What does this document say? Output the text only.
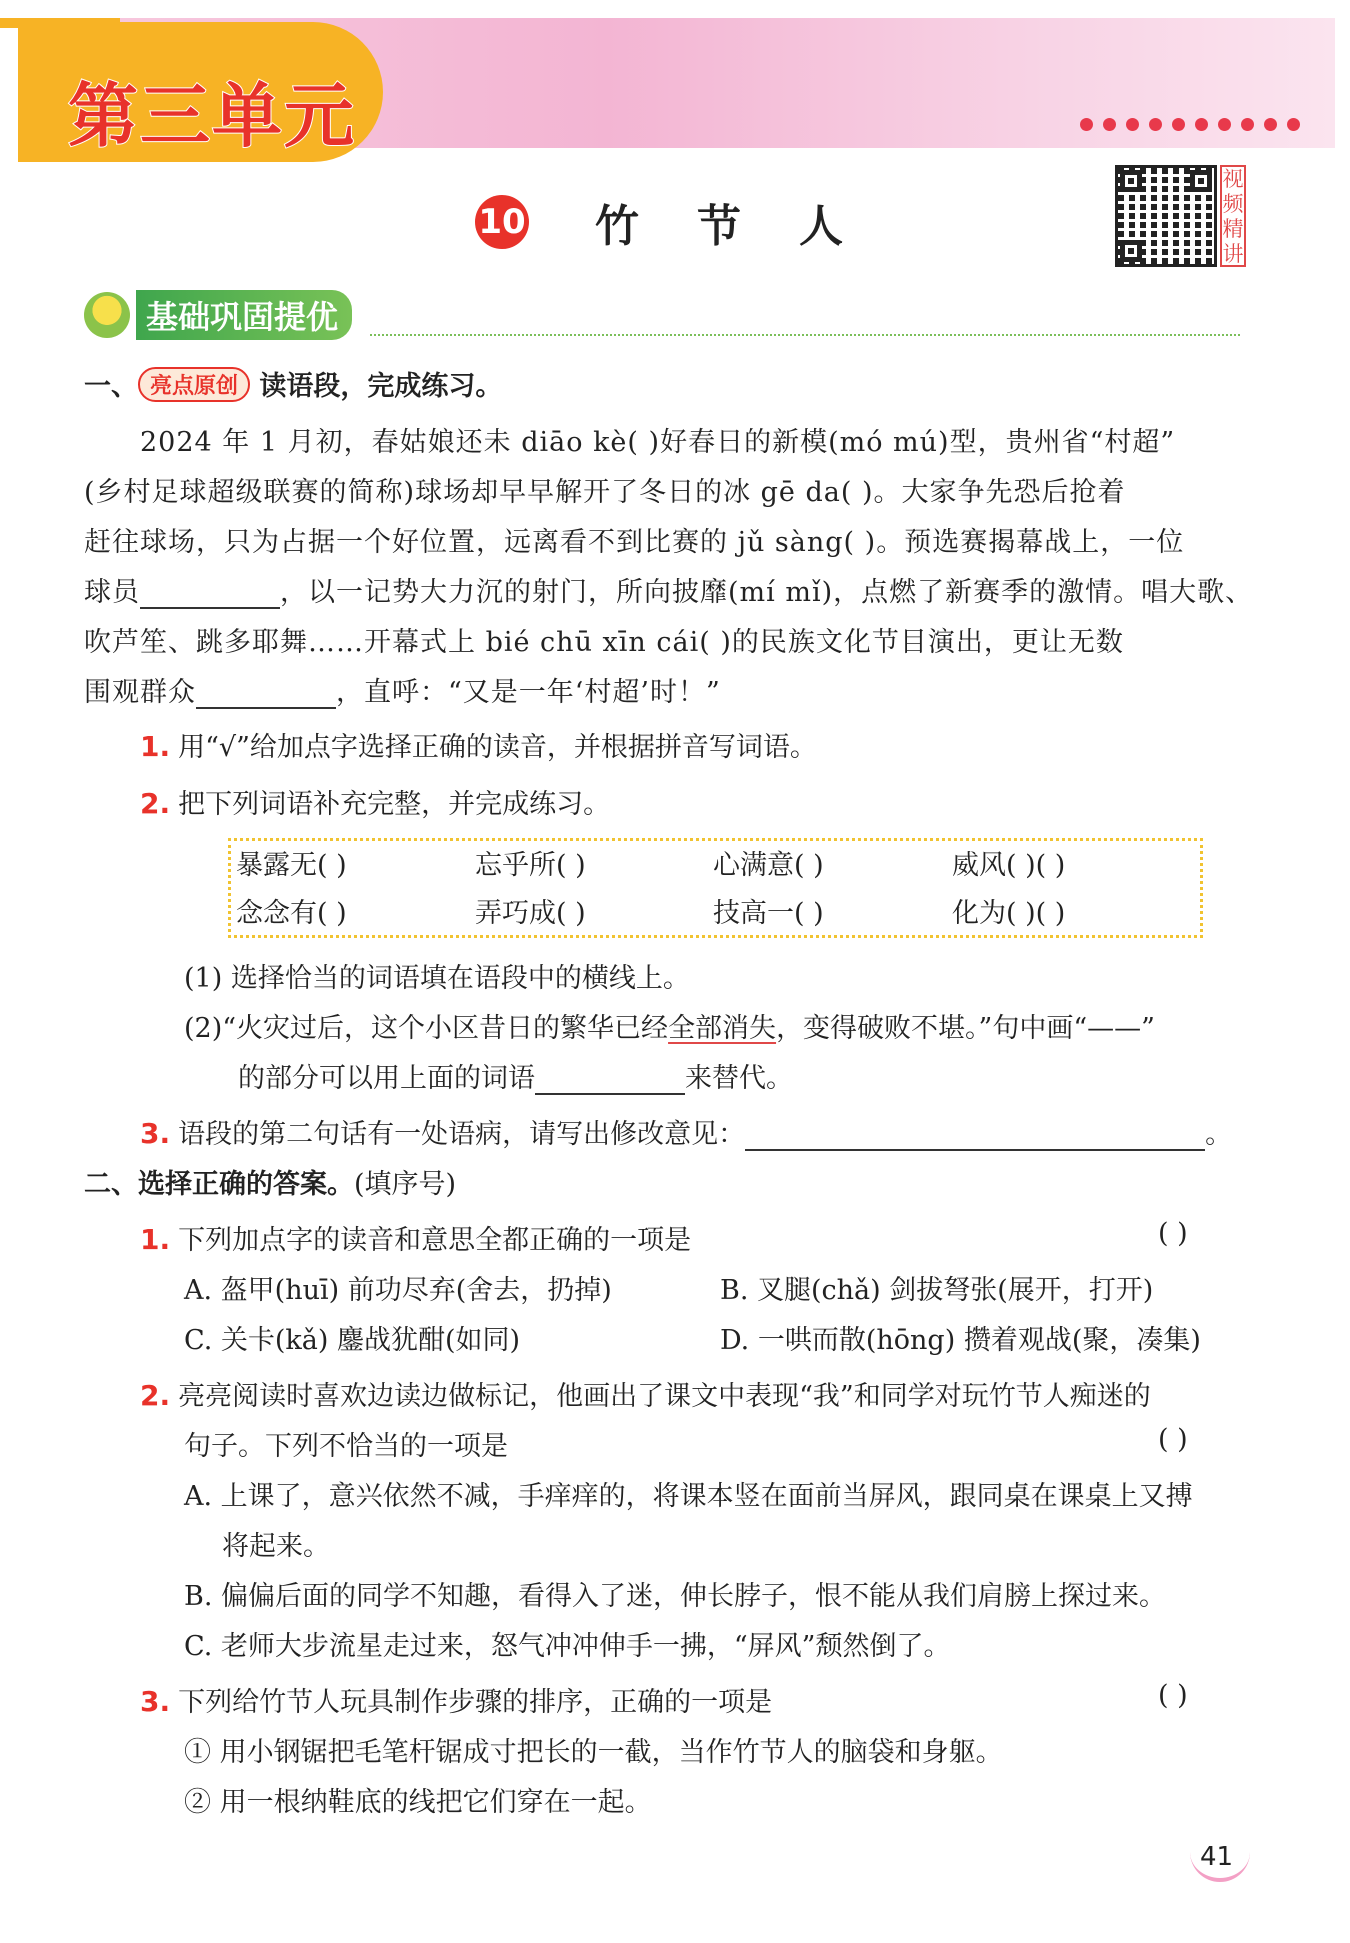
第三单元
10 竹 节 人
视频精讲
基础巩固提优
一、 亮点原创 读语段，完成练习。
2024 年 1 月初，春姑娘还未 diāo kè( )好春日的新模(mó mú)型，贵州省“村超”
(乡村足球超级联赛的简称)球场却早早解开了冬日的冰 gē da( )。大家争先恐后抢着
赶往球场，只为占据一个好位置，远离看不到比赛的 jǔ sàng( )。预选赛揭幕战上，一位
球员	，以一记势大力沉的射门，所向披靡(mí mǐ)，点燃了新赛季的激情。唱大歌、
吹芦笙、跳多耶舞……开幕式上 bié chū xīn cái( )的民族文化节目演出，更让无数
围观群众	，直呼：“又是一年‘村超’时！”
1. 用“√”给加点字选择正确的读音，并根据拼音写词语。
2. 把下列词语补充完整，并完成练习。
暴露无( )	忘乎所( )	心满意( )	威风( )( )
念念有( )	弄巧成( )	技高一( )	化为( )( )
(1) 选择恰当的词语填在语段中的横线上。
(2)“火灾过后，这个小区昔日的繁华已经全部消失，变得破败不堪。”句中画“——”
的部分可以用上面的词语	来替代。
3. 语段的第二句话有一处语病，请写出修改意见：	。
二、选择正确的答案。(填序号)
1. 下列加点字的读音和意思全都正确的一项是	( )
A. 盔甲(huī) 前功尽弃(舍去，扔掉)	B. 叉腿(chǎ) 剑拔弩张(展开，打开)
C. 关卡(kǎ) 鏖战犹酣(如同)	D. 一哄而散(hōng) 攒着观战(聚，凑集)
2. 亮亮阅读时喜欢边读边做标记，他画出了课文中表现“我”和同学对玩竹节人痴迷的
句子。下列不恰当的一项是	( )
A. 上课了，意兴依然不减，手痒痒的，将课本竖在面前当屏风，跟同桌在课桌上又搏
将起来。
B. 偏偏后面的同学不知趣，看得入了迷，伸长脖子，恨不能从我们肩膀上探过来。
C. 老师大步流星走过来，怒气冲冲伸手一拂，“屏风”颓然倒了。
3. 下列给竹节人玩具制作步骤的排序，正确的一项是	( )
① 用小钢锯把毛笔杆锯成寸把长的一截，当作竹节人的脑袋和身躯。
② 用一根纳鞋底的线把它们穿在一起。
41
